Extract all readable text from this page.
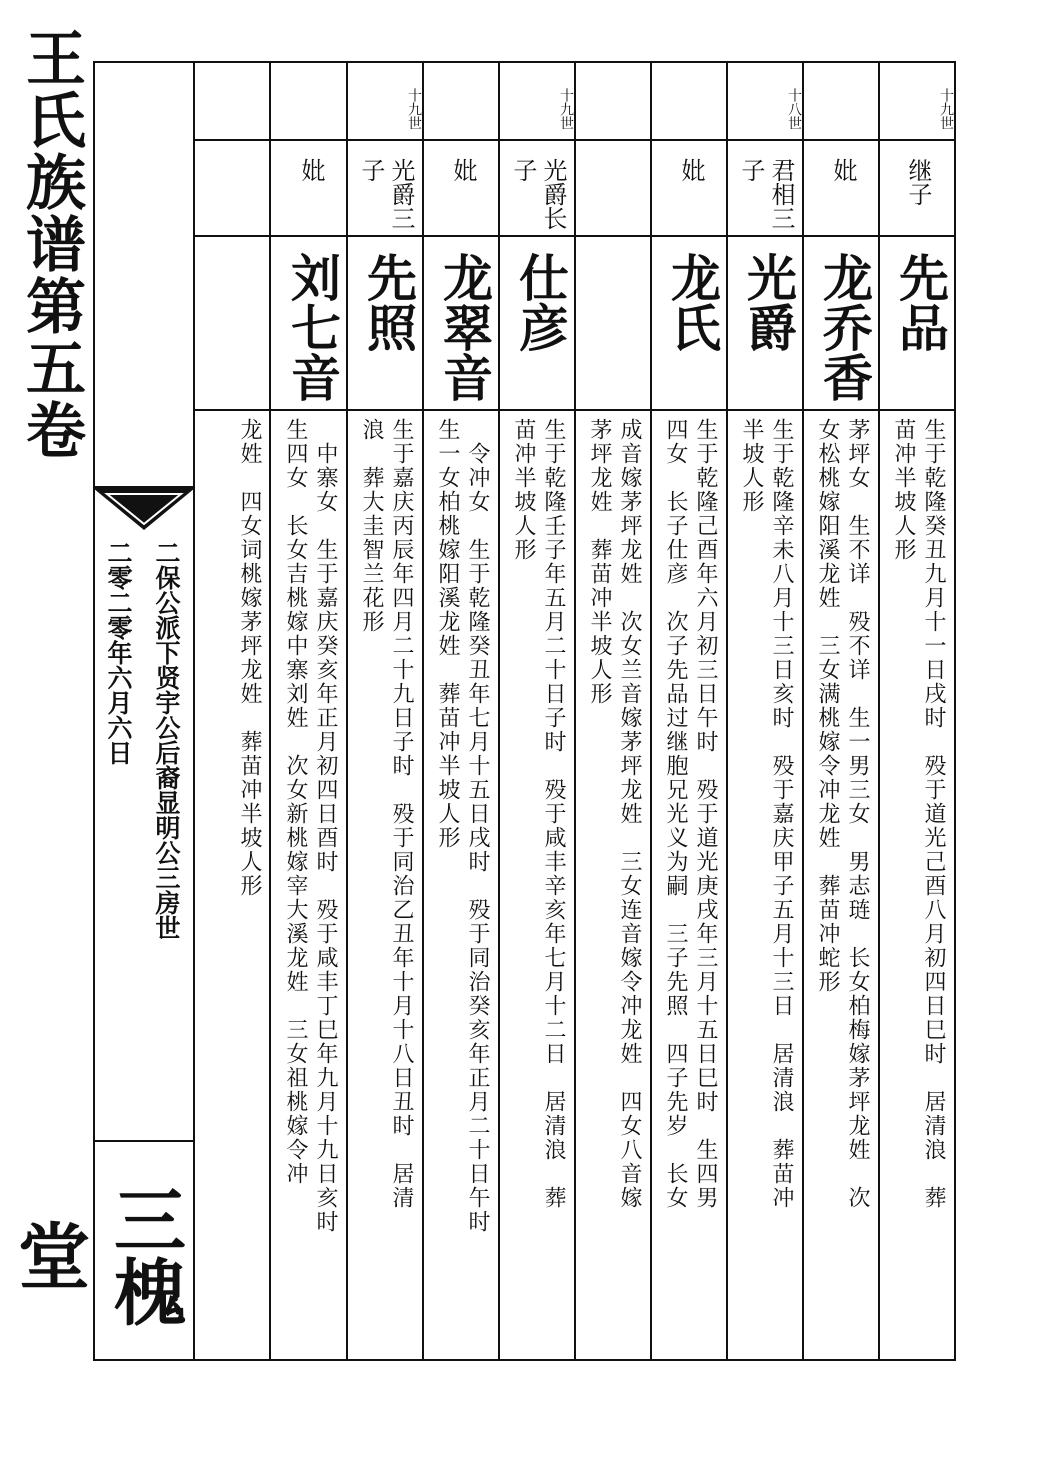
王氏族谱第五卷
二保公派下贤宇公后裔显明公三房世
二零二零年六月六日
三槐堂
十九世
继子
先品
生于乾隆癸丑九月十一日戌时　殁于道光己酉八月初四日巳时　居清浪　葬
苗冲半坡人形
妣
龙乔香
茅坪女　生不详　殁不详　生一男三女　男志琏　长女柏梅嫁茅坪龙姓　次
女松桃嫁阳溪龙姓　三女满桃嫁令冲龙姓　葬苗冲蛇形
十八世
君相三子
光爵
生于乾隆辛未八月十三日亥时　殁于嘉庆甲子五月十三日　居清浪　葬苗冲
半坡人形
妣
龙氏
生于乾隆己酉年六月初三日午时　殁于道光庚戌年三月十五日巳时　生四男
四女　长子仕彦　次子先品过继胞兄光义为嗣　三子先照　四子先岁　长女
成音嫁茅坪龙姓　次女兰音嫁茅坪龙姓　三女连音嫁令冲龙姓　四女八音嫁
茅坪龙姓　葬苗冲半坡人形
十九世
光爵长子
仕彦
生于乾隆壬子年五月二十日子时　殁于咸丰辛亥年七月十二日　居清浪　葬
苗冲半坡人形
妣
龙翠音
　令冲女　生于乾隆癸丑年七月十五日戌时　殁于同治癸亥年正月二十日午时
生一女柏桃嫁阳溪龙姓　葬苗冲半坡人形
十九世
光爵三子
先照
生于嘉庆丙辰年四月二十九日子时　殁于同治乙丑年十月十八日丑时　居清
浪　葬大圭智兰花形
妣
刘七音
　中寨女　生于嘉庆癸亥年正月初四日酉时　殁于咸丰丁巳年九月十九日亥时
生四女　长女吉桃嫁中寨刘姓　次女新桃嫁宰大溪龙姓　三女祖桃嫁令冲
龙姓　四女词桃嫁茅坪龙姓　葬苗冲半坡人形
